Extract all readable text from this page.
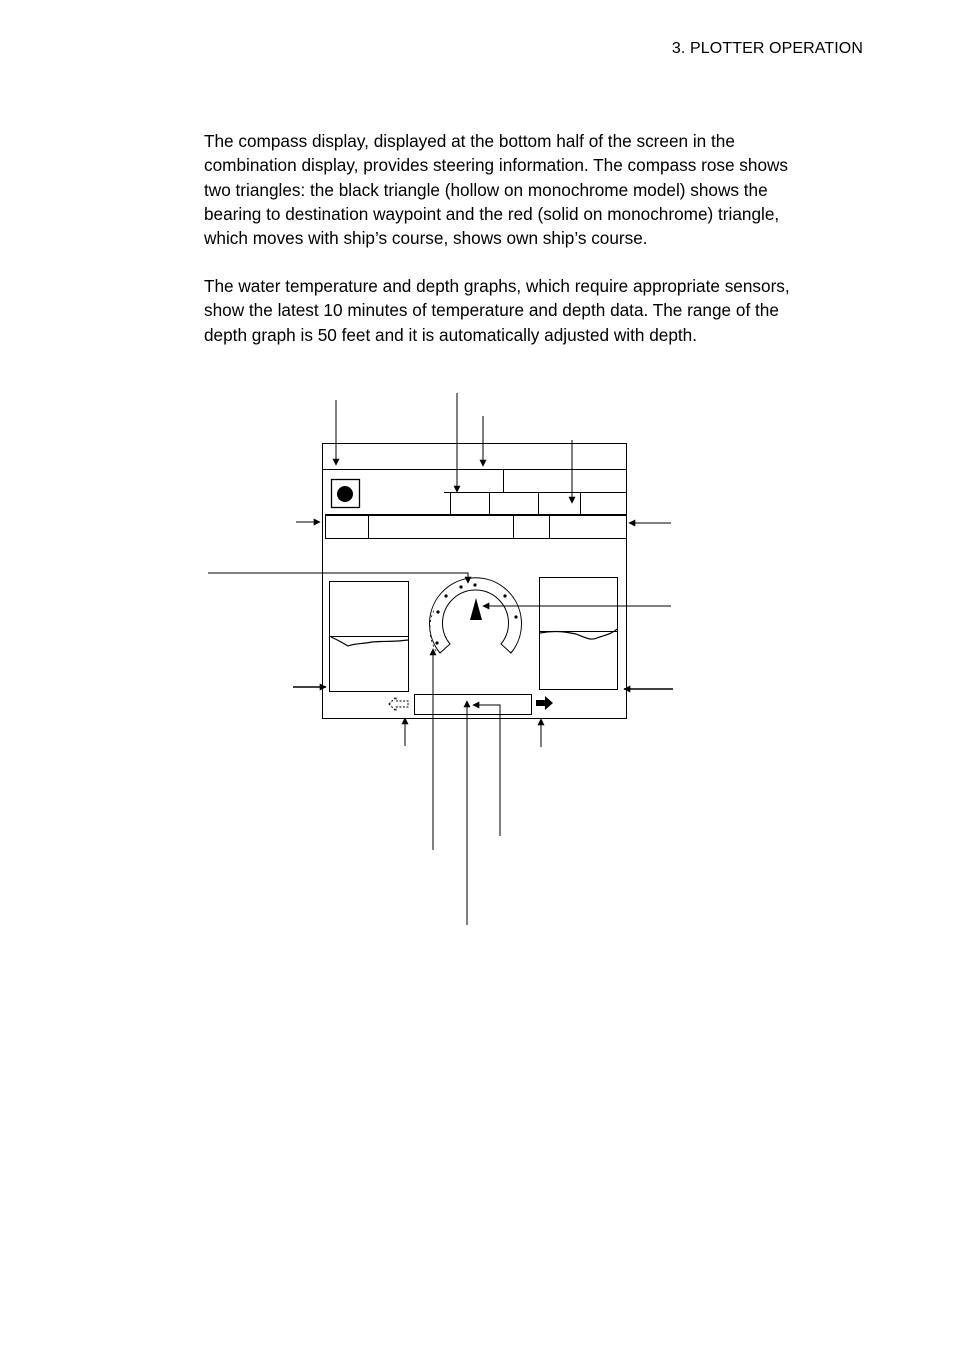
3. PLOTTER OPERATION
The compass display, displayed at the bottom half of the screen in the
combination display, provides steering information. The compass rose shows
two triangles: the black triangle (hollow on monochrome model) shows the
bearing to destination waypoint and the red (solid on monochrome) triangle,
which moves with ship’s course, shows own ship’s course.
The water temperature and depth graphs, which require appropriate sensors,
show the latest 10 minutes of temperature and depth data. The range of the
depth graph is 50 feet and it is automatically adjusted with depth.
